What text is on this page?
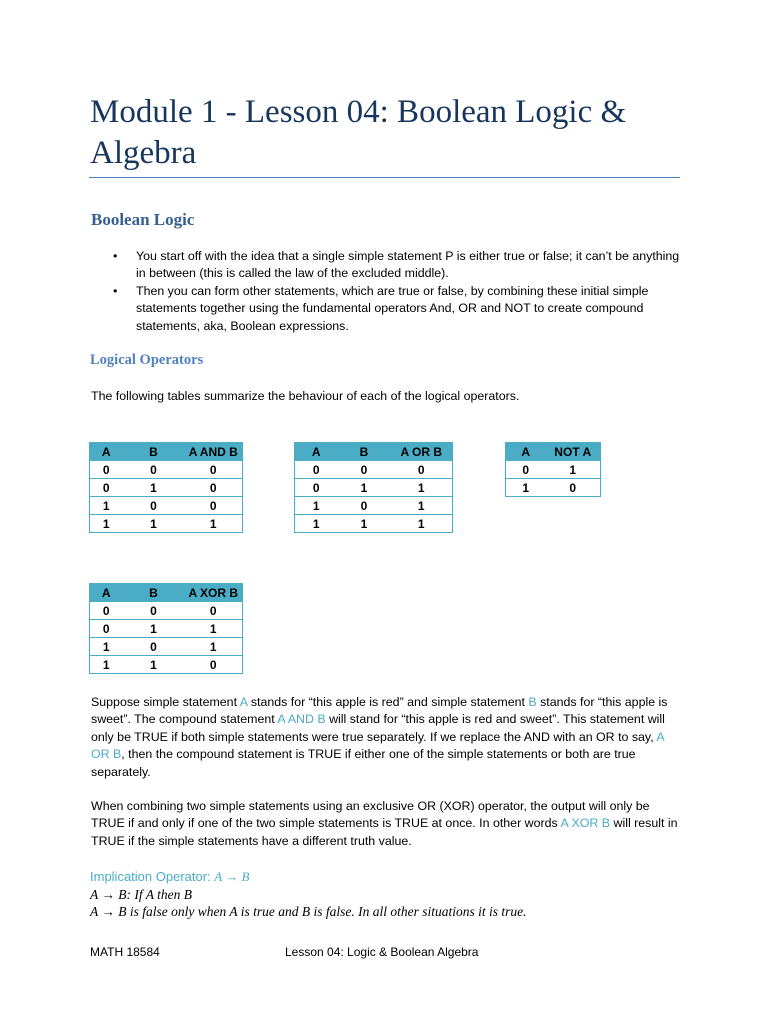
Module 1 - Lesson 04: Boolean Logic & Algebra
Boolean Logic
• You start off with the idea that a single simple statement P is either true or false; it can’t be anything in between (this is called the law of the excluded middle).
• Then you can form other statements, which are true or false, by combining these initial simple statements together using the fundamental operators And, OR and NOT to create compound statements, aka, Boolean expressions.
Logical Operators
The following tables summarize the behaviour of each of the logical operators.
A	B	A AND B
0	0	0
0	1	0
1	0	0
1	1	1
A	B	A OR B
0	0	0
0	1	1
1	0	1
1	1	1
A	NOT A
0	1
1	0
A	B	A XOR B
0	0	0
0	1	1
1	0	1
1	1	0
Suppose simple statement A stands for “this apple is red” and simple statement B stands for “this apple is sweet”. The compound statement A AND B will stand for “this apple is red and sweet”. This statement will only be TRUE if both simple statements were true separately. If we replace the AND with an OR to say, A OR B, then the compound statement is TRUE if either one of the simple statements or both are true separately.
When combining two simple statements using an exclusive OR (XOR) operator, the output will only be TRUE if and only if one of the two simple statements is TRUE at once. In other words A XOR B will result in TRUE if the simple statements have a different truth value.
Implication Operator: A → B
A → B: If A then B
A → B is false only when A is true and B is false. In all other situations it is true.
MATH 18584	Lesson 04: Logic & Boolean Algebra
